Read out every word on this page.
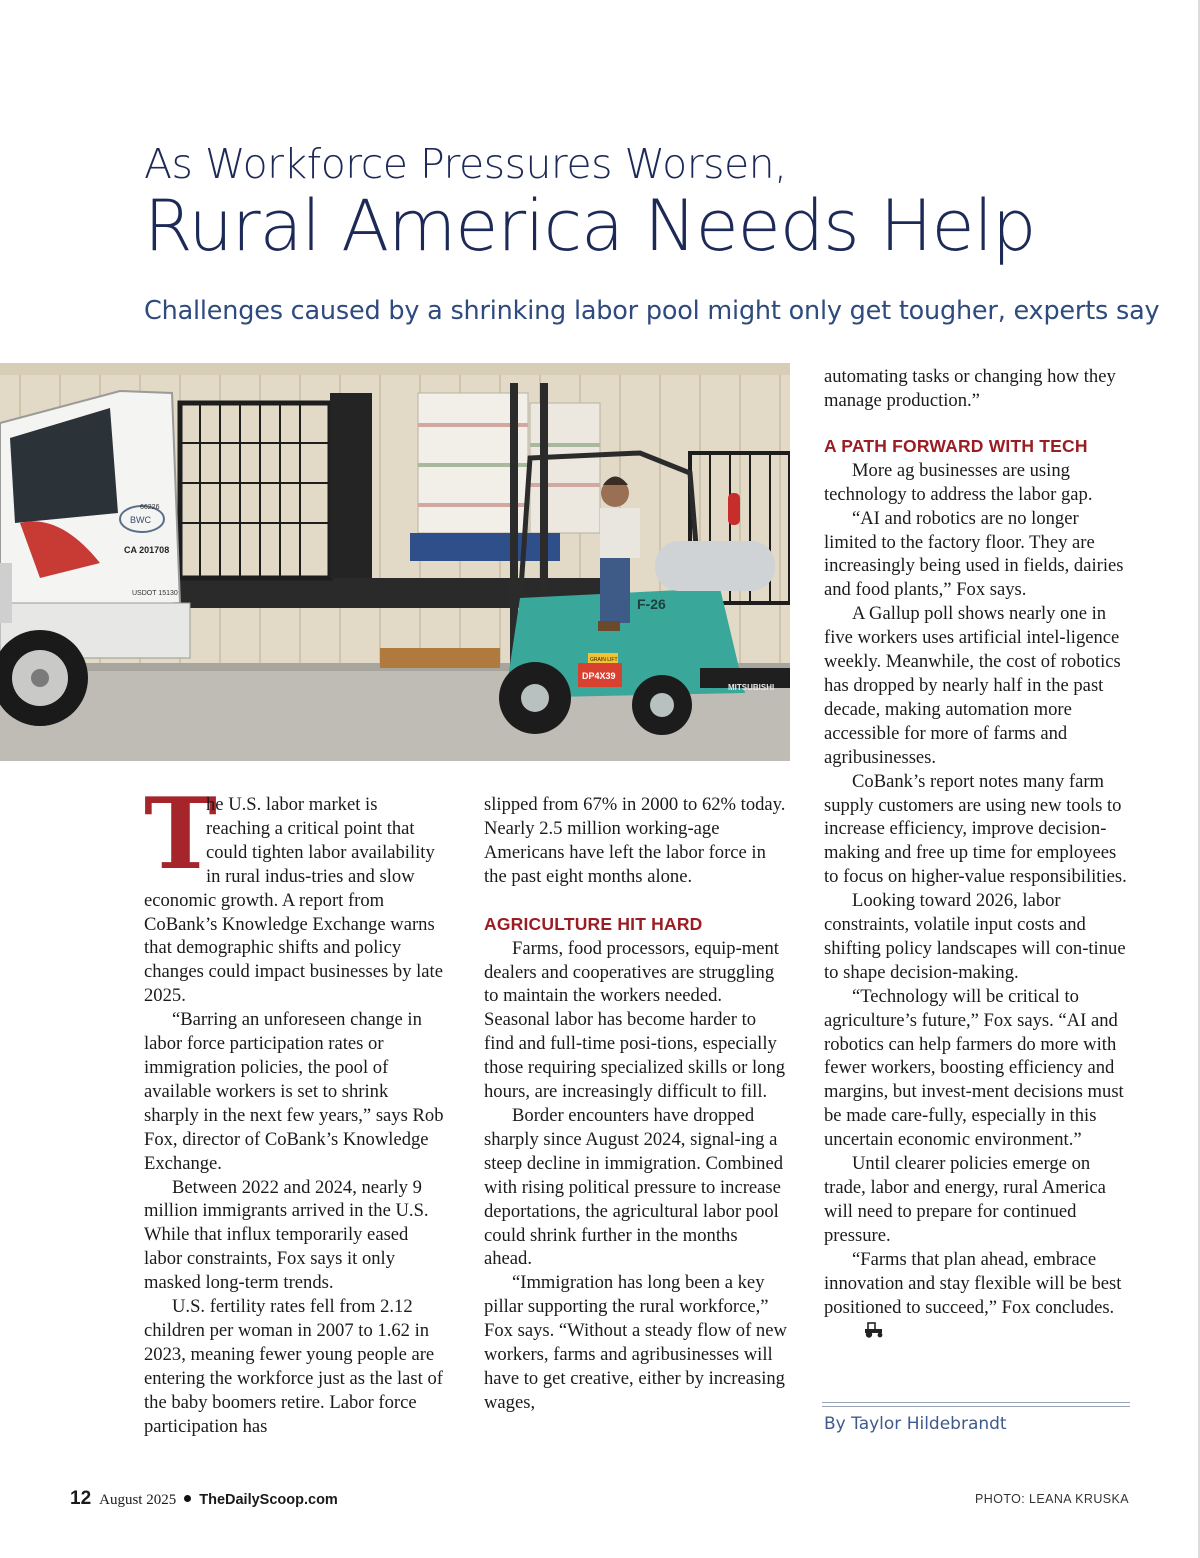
As Workforce Pressures Worsen,
Rural America Needs Help
Challenges caused by a shrinking labor pool might only get tougher, experts say
BWC
66226
CA 201708
USDOT 15130
DP4X39
GRAIN LIFT
F-26
MITSUBISHI

T
he U.S. labor market is reaching a critical point that could tighten labor availability in rural indus-tries and slow economic growth. A report from CoBank’s Knowledge Exchange warns that demographic shifts and policy changes could impact businesses by late 2025.

“Barring an unforeseen change in labor force participation rates or immigration policies, the pool of available workers is set to shrink sharply in the next few years,” says Rob Fox, director of CoBank’s Knowledge Exchange.

Between 2022 and 2024, nearly 9 million immigrants arrived in the U.S. While that influx temporarily eased labor constraints, Fox says it only masked long-term trends.

U.S. fertility rates fell from 2.12 children per woman in 2007 to 1.62 in 2023, meaning fewer young people are entering the workforce just as the last of the baby boomers retire. Labor force participation has

slipped from 67% in 2000 to 62% today. Nearly 2.5 million working-age Americans have left the labor force in the past eight months alone.

AGRICULTURE HIT HARD

Farms, food processors, equip-ment dealers and cooperatives are struggling to maintain the workers needed. Seasonal labor has become harder to find and full-time posi-tions, especially those requiring specialized skills or long hours, are increasingly difficult to fill.

Border encounters have dropped sharply since August 2024, signal-ing a steep decline in immigration. Combined with rising political pressure to increase deportations, the agricultural labor pool could shrink further in the months ahead.

“Immigration has long been a key pillar supporting the rural workforce,” Fox says. “Without a steady flow of new workers, farms and agribusinesses will have to get creative, either by increasing wages,

automating tasks or changing how they manage production.”

A PATH FORWARD WITH TECH

More ag businesses are using technology to address the labor gap.

“AI and robotics are no longer limited to the factory floor. They are increasingly being used in fields, dairies and food plants,” Fox says.

A Gallup poll shows nearly one in five workers uses artificial intel-ligence weekly. Meanwhile, the cost of robotics has dropped by nearly half in the past decade, making automation more accessible for more of farms and agribusinesses.

CoBank’s report notes many farm supply customers are using new tools to increase efficiency, improve decision-making and free up time for employees to focus on higher-value responsibilities.

Looking toward 2026, labor constraints, volatile input costs and shifting policy landscapes will con-tinue to shape decision-making.

“Technology will be critical to agriculture’s future,” Fox says. “AI and robotics can help farmers do more with fewer workers, boosting efficiency and margins, but invest-ment decisions must be made care-fully, especially in this uncertain economic environment.”

Until clearer policies emerge on trade, labor and energy, rural America will need to prepare for continued pressure.

“Farms that plan ahead, embrace innovation and stay flexible will be best positioned to succeed,” Fox concludes.

By Taylor Hildebrandt
12 August 2025 TheDailyScoop.com	PHOTO: LEANA KRUSKA
